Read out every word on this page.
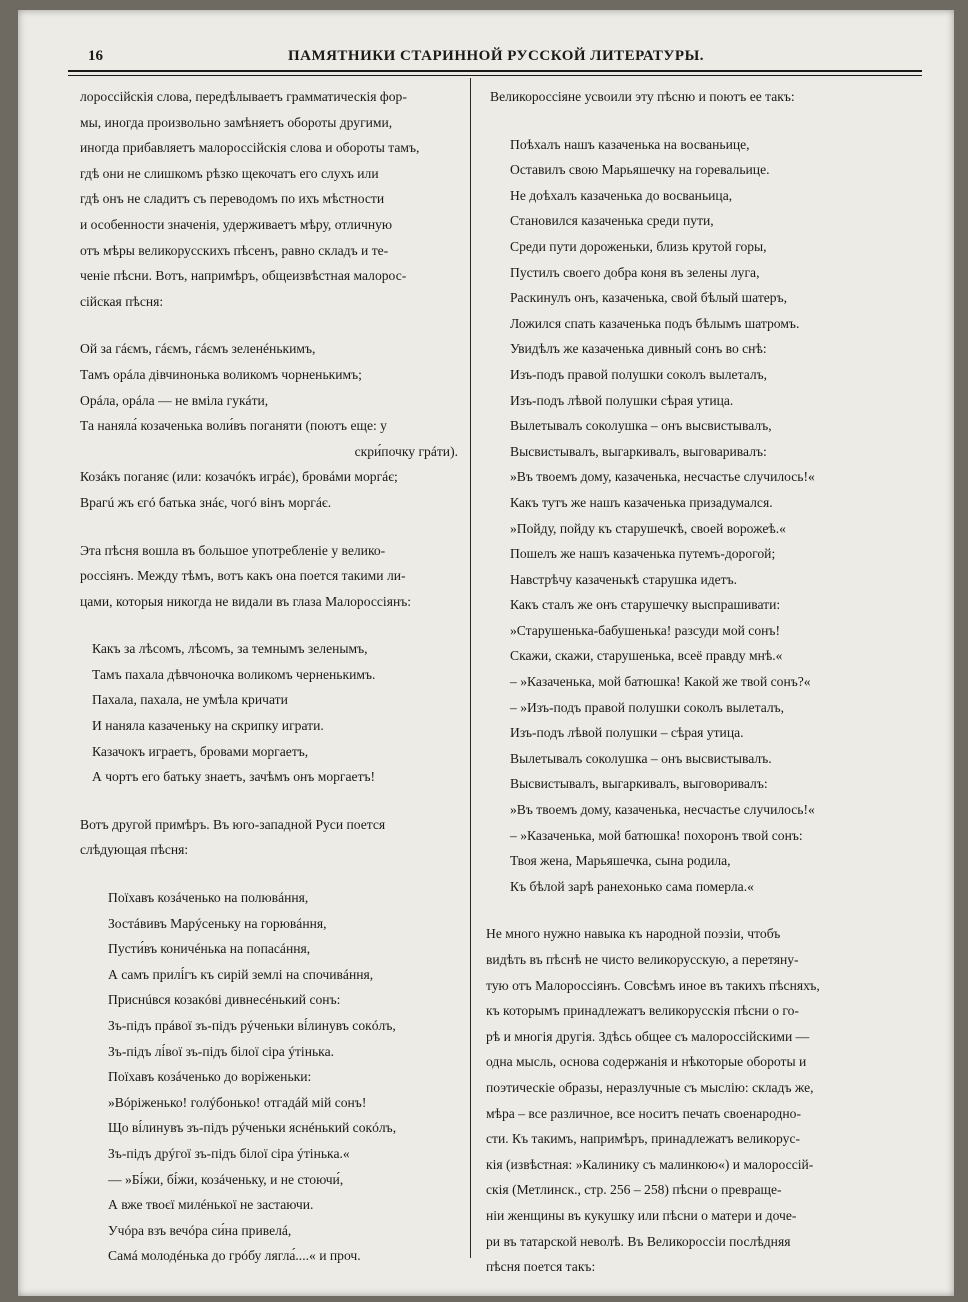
16	ПАМЯТНИКИ СТАРИННОЙ РУССКОЙ ЛИТЕРАТУРЫ.

лороссійскія слова, передѣлываетъ грамматическія фор-
мы, иногда произвольно замѣняетъ обороты другими,
иногда прибавляетъ малороссійскія слова и обороты тамъ,
гдѣ они не слишкомъ рѣзко щекочатъ его слухъ или
гдѣ онъ не сладитъ съ переводомъ по ихъ мѣстности
и особенности значенія, удерживаетъ мѣру, отличную
отъ мѣры великорусскихъ пѣсенъ, равно складъ и те-
ченіе пѣсни. Вотъ, напримѣръ, общеизвѣстная малорос-
сійская пѣсня:

Ой за гáємъ, гáємъ, гáємъ зеленéнькимъ,
Тамъ орáла дівчинонька воликомъ чорненькимъ;
Орáла, орáла — не вміла гукáти,
Та наняла́ козаченька воли́въ поганяти (поютъ еще: у

скри́почку грáти).

Козáкъ поганяє (или: козачóкъ игрáє), бровáми моргáє;
Врагú жъ єгó батька знáє, чогó вінъ моргáє.

Эта пѣсня вошла въ большое употребленіе у велико-
россіянъ. Между тѣмъ, вотъ какъ она поется такими ли-
цами, которыя никогда не видали въ глаза Малороссіянъ:

Какъ за лѣсомъ, лѣсомъ, за темнымъ зеленымъ,
Тамъ пахала дѣвчоночка воликомъ черненькимъ.
Пахала, пахала, не умѣла кричати
И наняла казаченьку на скрипку играти.
Казачокъ играетъ, бровами моргаетъ,
А чортъ его батьку знаетъ, зачѣмъ онъ моргаетъ!

Вотъ другой примѣръ. Въ юго-западной Руси поется
слѣдующая пѣсня:

Поїхавъ козáченько на полювáння,
Зостáвивъ Марýсеньку на горювáння,
Пусти́въ коничéнька на попасáння,
А самъ прилі́гъ къ сирій землі на спочивáння,
Приснúвся козакóві дивнесéнький сонъ:
Зъ-підъ прáвої зъ-підъ рýченьки ві́линувъ сокóлъ,
Зъ-підъ лі́вої зъ-підъ білої сіра ýтінька.
Поїхавъ козáченько до воріженьки:
»Вóріженько! голýбонько! отгадáй мій сонъ!
Що ві́линувъ зъ-підъ рýченьки яснéнький сокóлъ,
Зъ-підъ дрýгої зъ-підъ білої сіра ýтінька.«
— »Бі́жи, бі́жи, козáченьку, и не стоючи́,
А вже твоєї милéнької не застаючи.
Учóра взъ вечóра си́на привелá,
Самá молодéнька до грóбу лягла́....« и проч.

Великороссіяне усвоили эту пѣсню и поютъ ее такъ:

Поѣхалъ нашъ казаченька на восваньице,
Оставилъ свою Марьяшечку на горевальице.
Не доѣхалъ казаченька до восваньица,
Становился казаченька среди пути,
Среди пути дороженьки, близь крутой горы,
Пустилъ своего добра коня въ зелены луга,
Раскинулъ онъ, казаченька, свой бѣлый шатеръ,
Ложился спать казаченька подъ бѣлымъ шатромъ.
Увидѣлъ же казаченька дивный сонъ во снѣ:
Изъ-подъ правой полушки соколъ вылеталъ,
Изъ-подъ лѣвой полушки сѣрая утица.
Вылетывалъ соколушка – онъ высвистывалъ,
Высвистывалъ, выгаркивалъ, выговаривалъ:
»Въ твоемъ дому, казаченька, несчастье случилось!«
Какъ тутъ же нашъ казаченька призадумался.
»Пойду, пойду къ старушечкѣ, своей ворожеѣ.«
Пошелъ же нашъ казаченька путемъ-дорогой;
Навстрѣчу казаченькѣ старушка идетъ.
Какъ сталъ же онъ старушечку выспрашивати:
»Старушенька-бабушенька! разсуди мой сонъ!
Скажи, скажи, старушенька, всеё правду мнѣ.«
– »Казаченька, мой батюшка! Какой же твой сонъ?«
– »Изъ-подъ правой полушки соколъ вылеталъ,
Изъ-подъ лѣвой полушки – сѣрая утица.
Вылетывалъ соколушка – онъ высвистывалъ.
Высвистывалъ, выгаркивалъ, выговоривалъ:
»Въ твоемъ дому, казаченька, несчастье случилось!«
– »Казаченька, мой батюшка! похоронъ твой сонъ:
Твоя жена, Марьяшечка, сына родила,
Къ бѣлой зарѣ ранехонько сама померла.«

Не много нужно навыка къ народной поэзіи, чтобъ
видѣть въ пѣснѣ не чисто великорусскую, а перетяну-
тую отъ Малороссіянъ. Совсѣмъ иное въ такихъ пѣсняхъ,
къ которымъ принадлежатъ великорусскія пѣсни о го-
рѣ и многія другія. Здѣсь общее съ малороссійскими —
одна мысль, основа содержанія и нѣкоторые обороты и
поэтическіе образы, неразлучные съ мыслію: складъ же,
мѣра – все различное, все носитъ печать своенародно-
сти. Къ такимъ, напримѣръ, принадлежатъ великорус-
кія (извѣстная: »Калинику съ малинкою«) и малороссій-
скія (Метлинск., стр. 256 – 258) пѣсни о превраще-
ніи женщины въ кукушку или пѣсни о матери и доче-
ри въ татарской неволѣ. Въ Великороссіи послѣдняя
пѣсня поется такъ:
